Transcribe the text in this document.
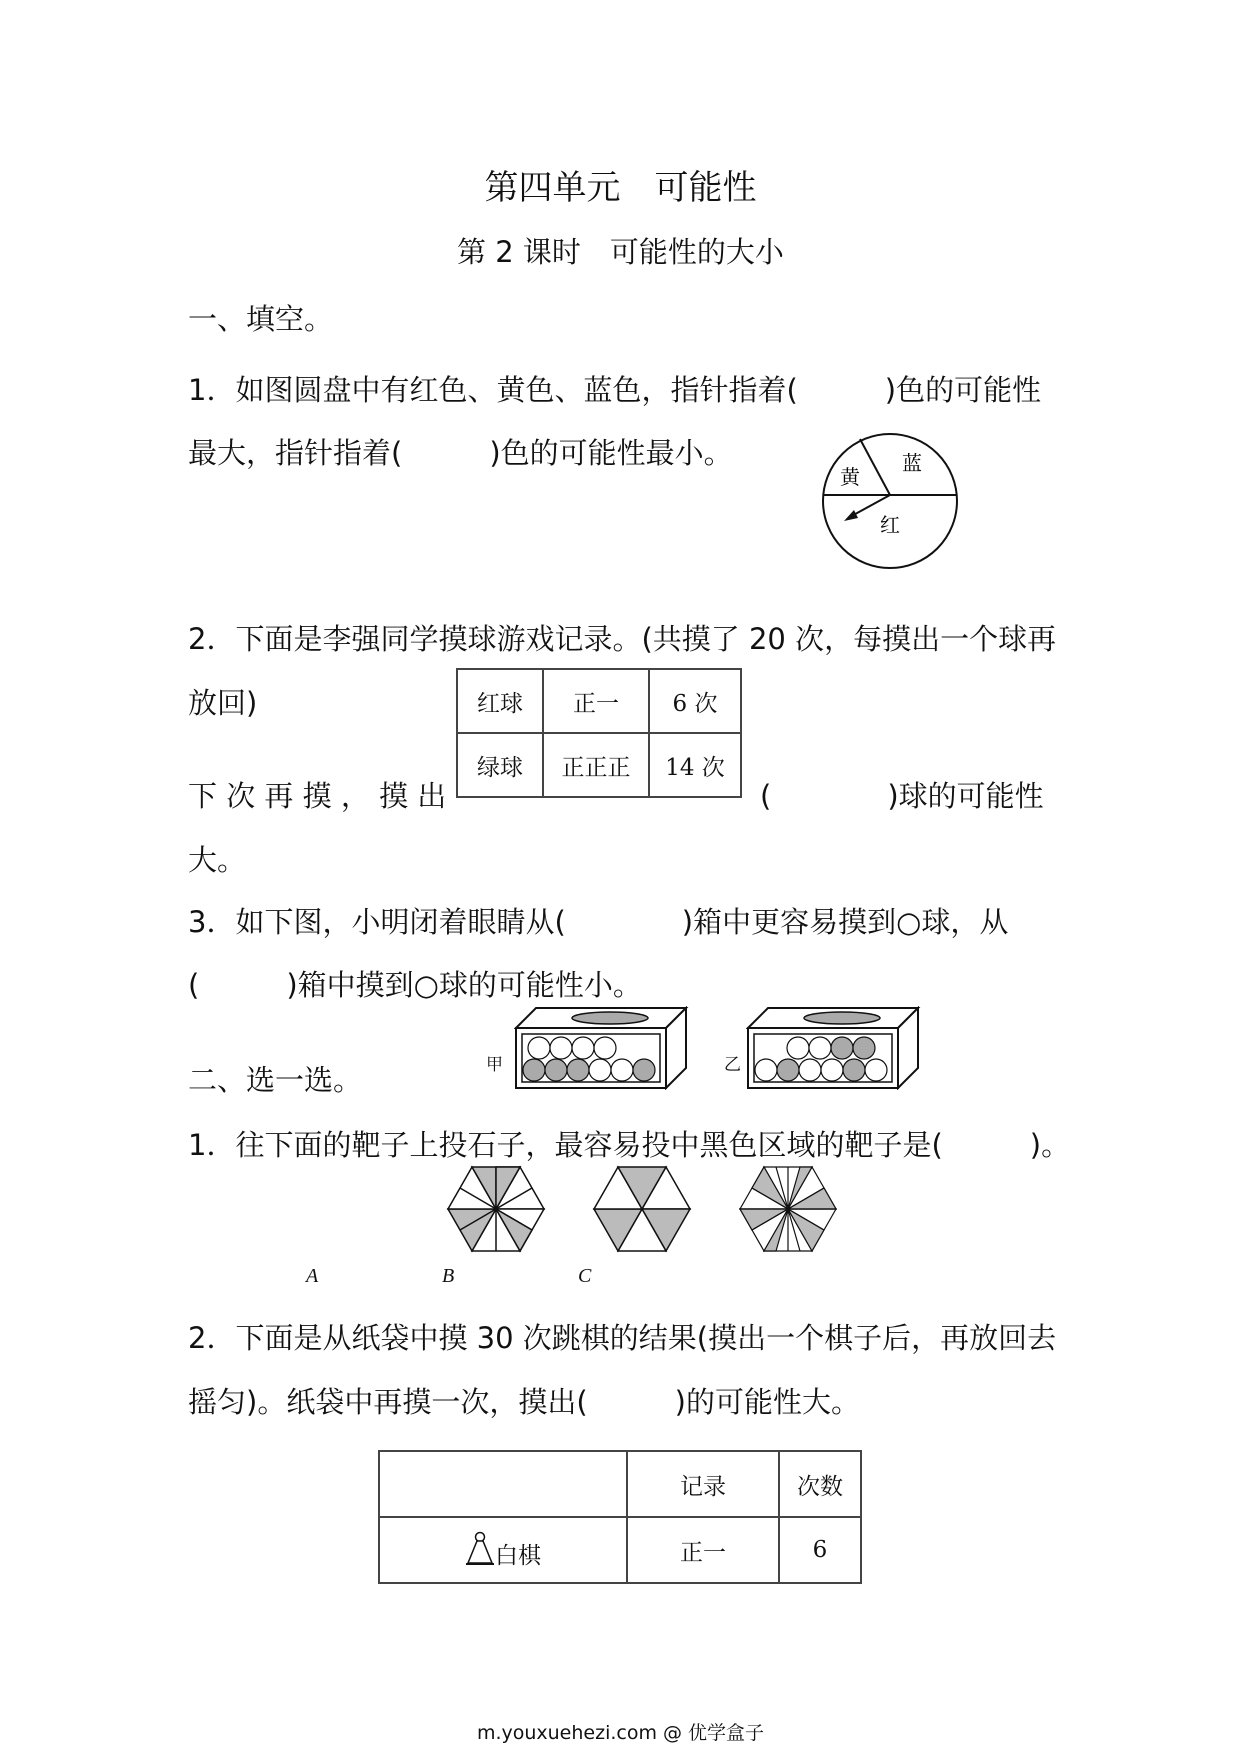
第四单元　可能性
第 2 课时　可能性的大小
一、填空。
1．如图圆盘中有红色、黄色、蓝色，指针指着(　　　)色的可能性
最大，指针指着(　　　)色的可能性最小。
黄
蓝
红
2．下面是李强同学摸球游戏记录。(共摸了 20 次，每摸出一个球再
放回)	红球	正一	6 次
绿球	正正正	14 次
下 次 再 摸 ， 摸 出	(　　　　)球的可能性
大。
3．如下图，小明闭着眼睛从(　　　　)箱中更容易摸到○球，从
(　　　)箱中摸到○球的可能性小。
甲	乙
二、选一选。
1．往下面的靶子上投石子，最容易投中黑色区域的靶子是(　　　)。
A	B	C
2．下面是从纸袋中摸 30 次跳棋的结果(摸出一个棋子后，再放回去
摇匀)。纸袋中再摸一次，摸出(　　　)的可能性大。
	记录	次数
白棋	正一	6
m.youxuehezi.com @ 优学盒子
